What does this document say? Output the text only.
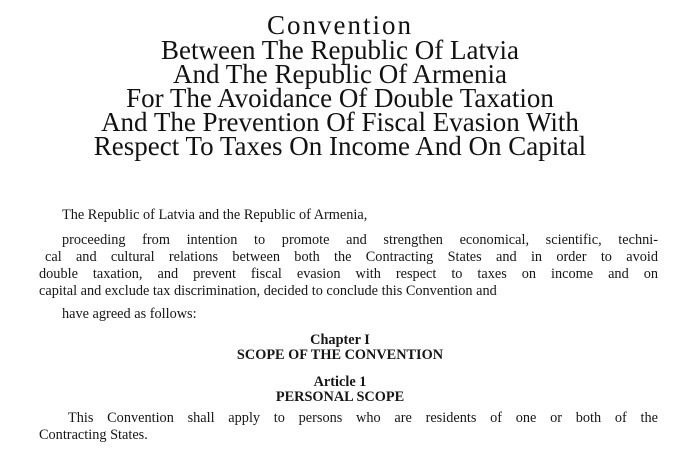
Convention
Between The Republic Of Latvia
And The Republic Of Armenia
For The Avoidance Of Double Taxation
And The Prevention Of Fiscal Evasion With
Respect To Taxes On Income And On Capital
The Republic of Latvia and the Republic of Armenia,
proceeding from intention to promote and strengthen economical, scientific, techni-
cal and cultural relations between both the Contracting States and in order to avoid
double taxation, and prevent fiscal evasion with respect to taxes on income and on
capital and exclude tax discrimination, decided to conclude this Convention and
have agreed as follows:
Chapter I
SCOPE OF THE CONVENTION
Article 1
PERSONAL SCOPE
This Convention shall apply to persons who are residents of one or both of the
Contracting States.
